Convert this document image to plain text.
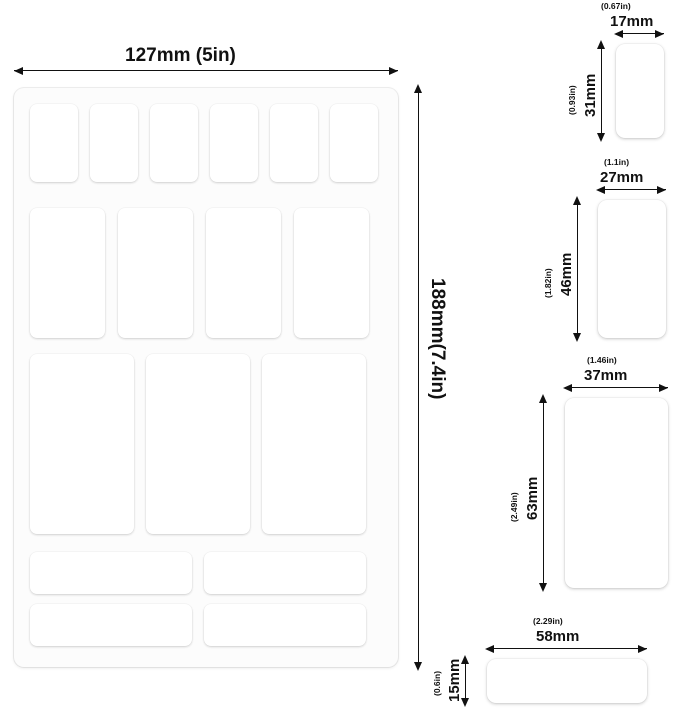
127mm (5in)
188mm(7.4in)
17mm
(0.67in)
31mm
(0.93in)
27mm
(1.1in)
46mm
(1.82in)
37mm
(1.46in)
63mm
(2.49in)
58mm
(2.29in)
15mm
(0.6in)
